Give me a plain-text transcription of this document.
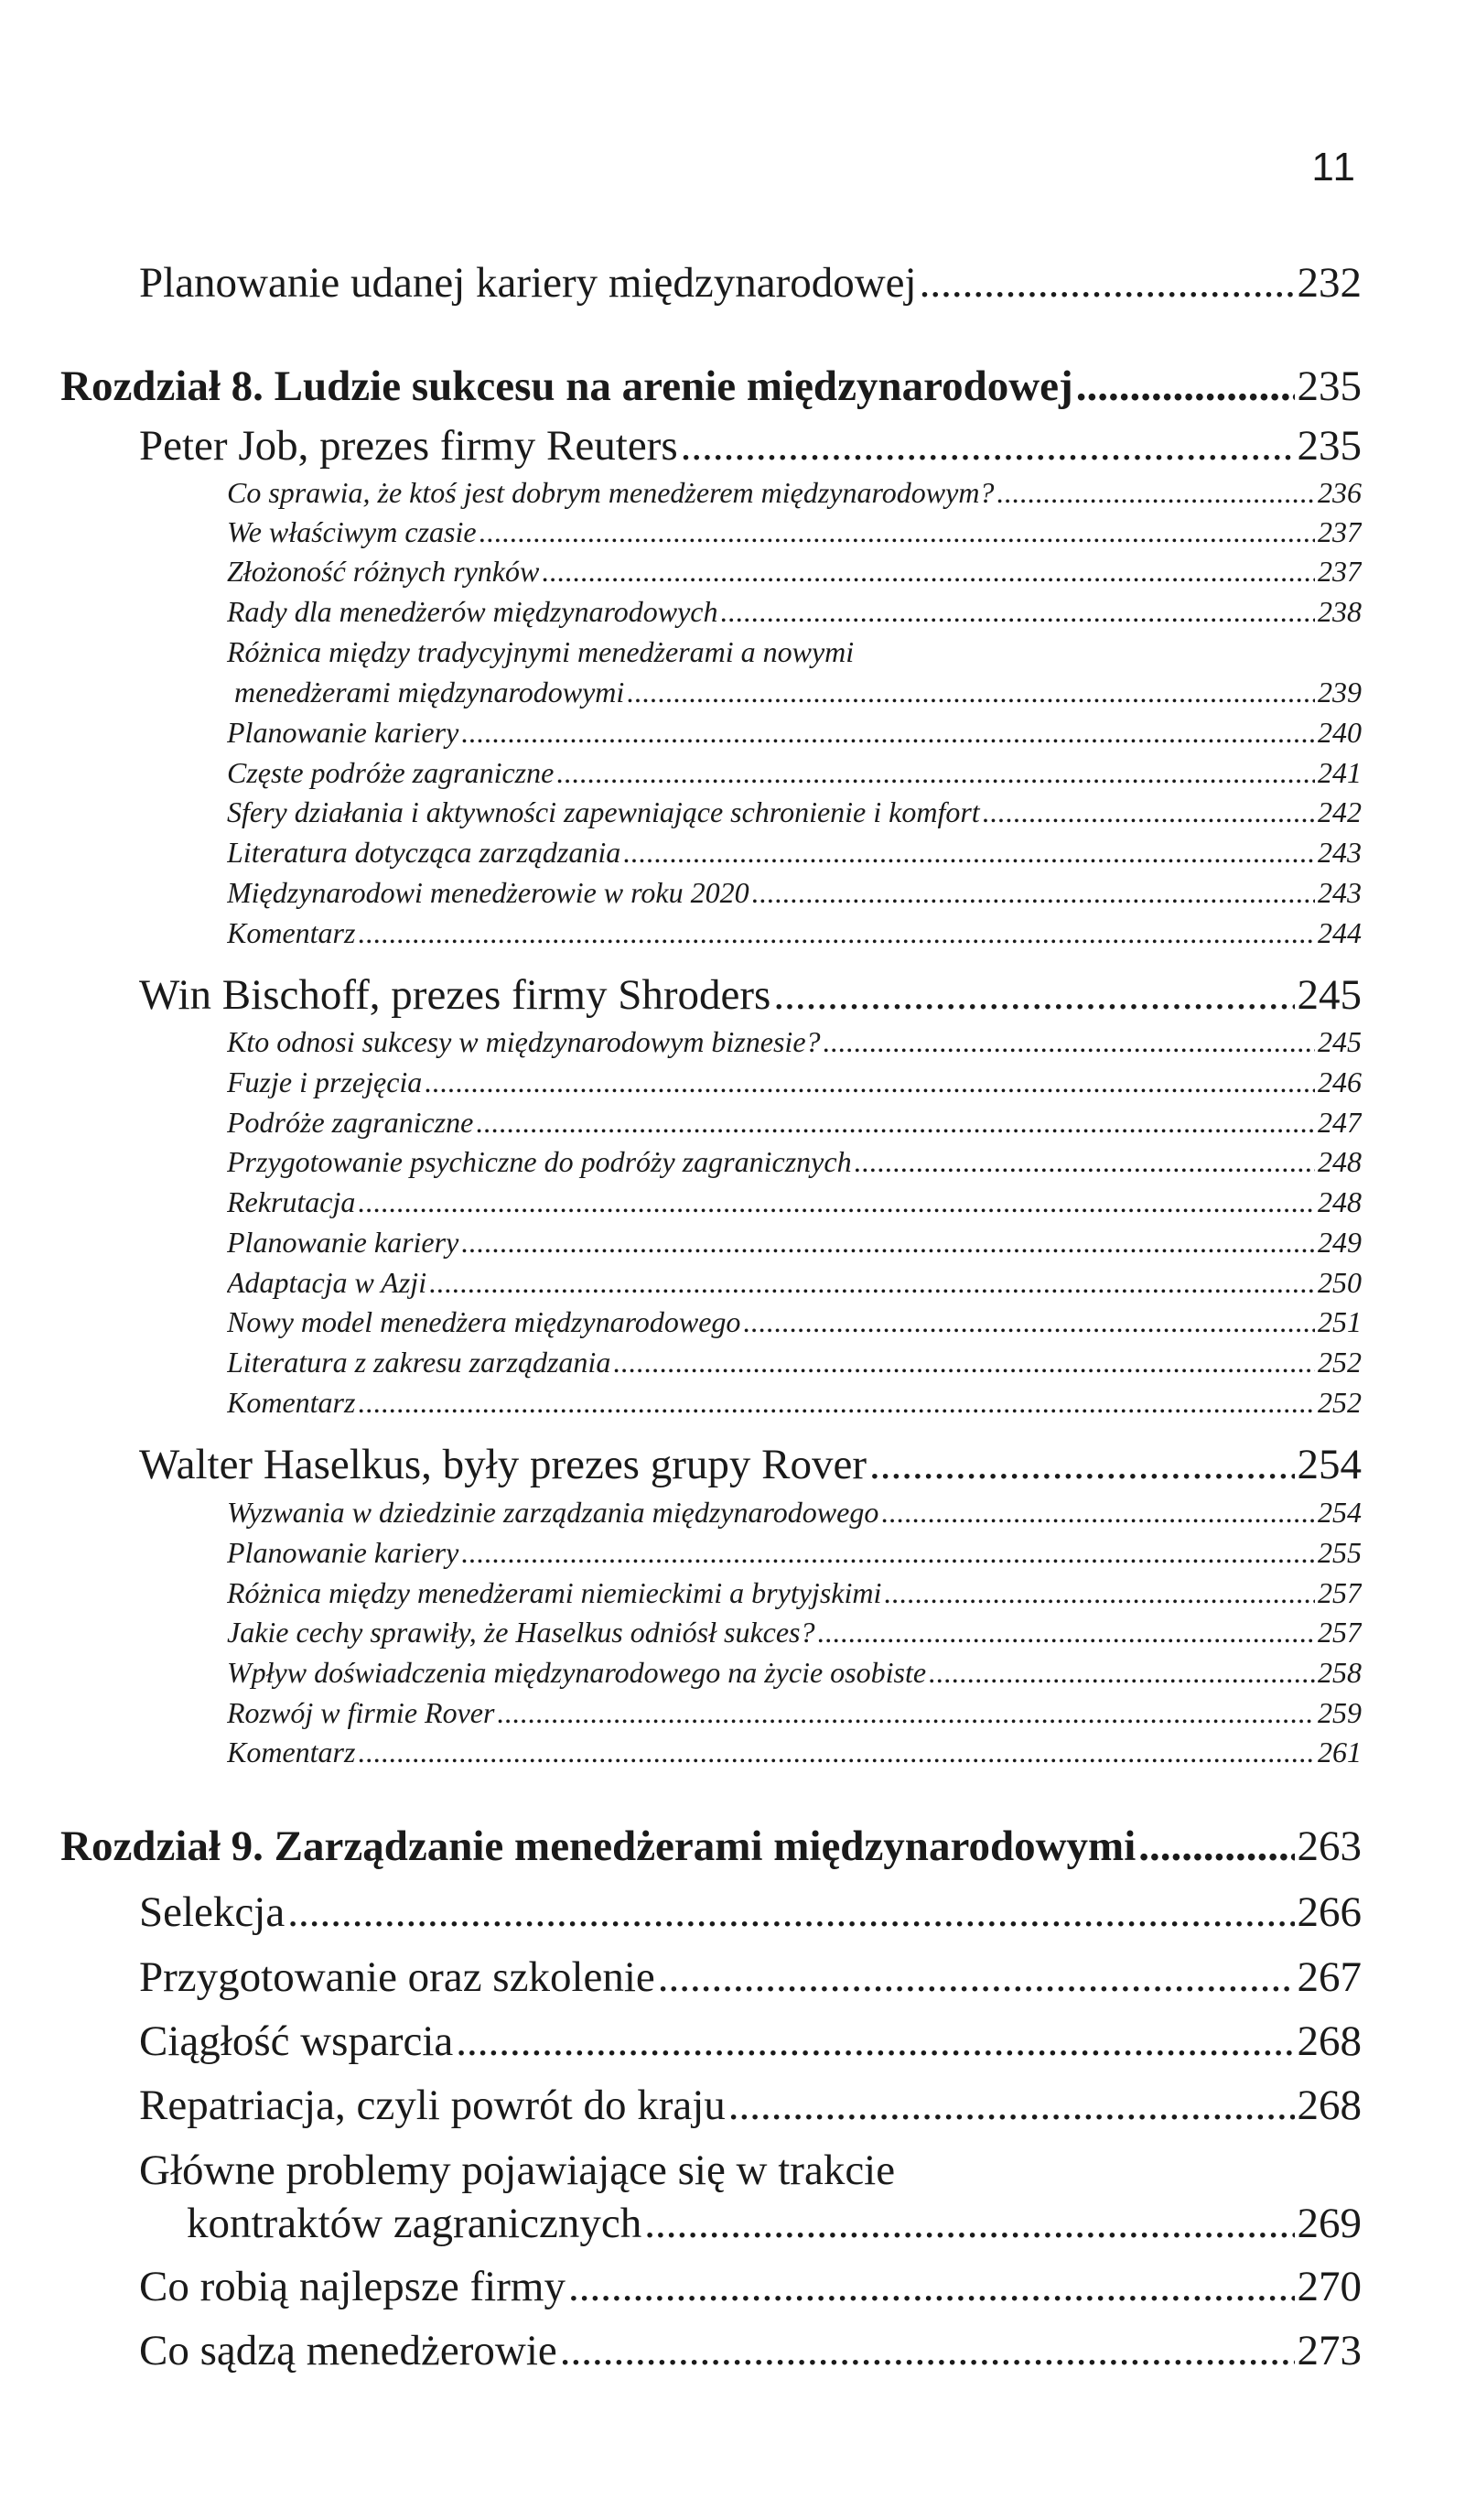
11
Planowanie udanej kariery międzynarodowej .....	232
Rozdział 8. Ludzie sukcesu na arenie międzynarodowej .....	235
Peter Job, prezes firmy Reuters .....	235
Co sprawia, że ktoś jest dobrym menedżerem międzynarodowym? .....	236
We właściwym czasie .....	237
Złożoność różnych rynków .....	237
Rady dla menedżerów międzynarodowych .....	238
Różnica między tradycyjnymi menedżerami a nowymi
menedżerami międzynarodowymi .....	239
Planowanie kariery .....	240
Częste podróże zagraniczne .....	241
Sfery działania i aktywności zapewniające schronienie i komfort .....	242
Literatura dotycząca zarządzania .....	243
Międzynarodowi menedżerowie w roku 2020 .....	243
Komentarz .....	244
Win Bischoff, prezes firmy Shroders .....	245
Kto odnosi sukcesy w międzynarodowym biznesie? .....	245
Fuzje i przejęcia .....	246
Podróże zagraniczne .....	247
Przygotowanie psychiczne do podróży zagranicznych .....	248
Rekrutacja .....	248
Planowanie kariery .....	249
Adaptacja w Azji .....	250
Nowy model menedżera międzynarodowego .....	251
Literatura z zakresu zarządzania .....	252
Komentarz .....	252
Walter Haselkus, były prezes grupy Rover .....	254
Wyzwania w dziedzinie zarządzania międzynarodowego .....	254
Planowanie kariery .....	255
Różnica między menedżerami niemieckimi a brytyjskimi .....	257
Jakie cechy sprawiły, że Haselkus odniósł sukces? .....	257
Wpływ doświadczenia międzynarodowego na życie osobiste .....	258
Rozwój w firmie Rover .....	259
Komentarz .....	261
Rozdział 9. Zarządzanie menedżerami międzynarodowymi .....	263
Selekcja .....	266
Przygotowanie oraz szkolenie .....	267
Ciągłość wsparcia .....	268
Repatriacja, czyli powrót do kraju .....	268
Główne problemy pojawiające się w trakcie
kontraktów zagranicznych .....	269
Co robią najlepsze firmy .....	270
Co sądzą menedżerowie .....	273
